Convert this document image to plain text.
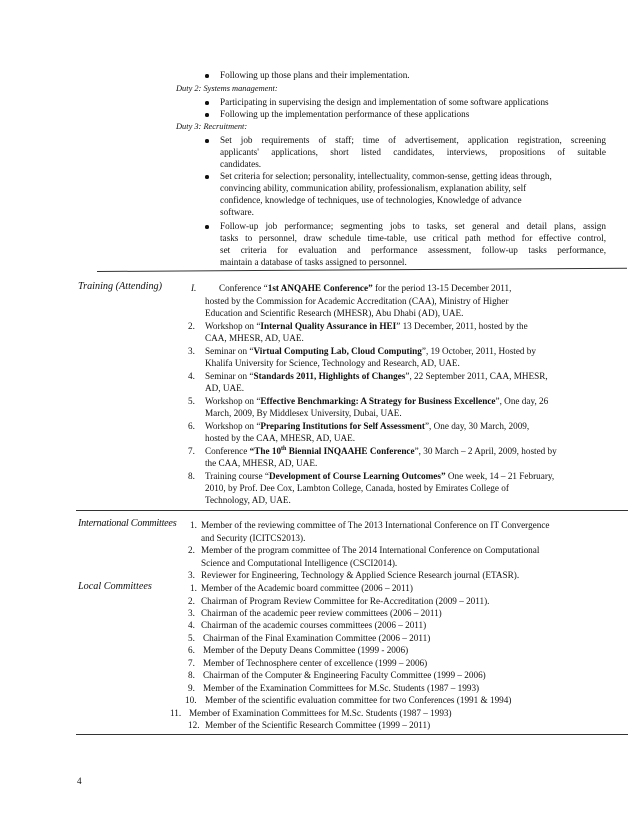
Following up those plans and their implementation.
Duty 2: Systems management:
Participating in supervising the design and implementation of some software applications
Following up the implementation performance of these applications
Duty 3: Recruitment:
Set job requirements of staff; time of advertisement, application registration, screening
applicants' applications, short listed candidates, interviews, propositions of suitable
candidates.
Set criteria for selection; personality, intellectuality, common-sense, getting ideas through,
convincing ability, communication ability, professionalism, explanation ability, self
confidence, knowledge of techniques, use of technologies, Knowledge of advance
software.
Follow-up job performance; segmenting jobs to tasks, set general and detail plans, assign
tasks to personnel, draw schedule time-table, use critical path method for effective control,
set criteria for evaluation and performance assessment, follow-up tasks performance,
maintain a database of tasks assigned to personnel.
Training (Attending)	I. Conference “1st ANQAHE Conference” for the period 13-15 December 2011,
hosted by the Commission for Academic Accreditation (CAA), Ministry of Higher
Education and Scientific Research (MHESR), Abu Dhabi (AD), UAE.
2. Workshop on “Internal Quality Assurance in HEI” 13 December, 2011, hosted by the
CAA, MHESR, AD, UAE.
3. Seminar on “Virtual Computing Lab, Cloud Computing”, 19 October, 2011, Hosted by
Khalifa University for Science, Technology and Research, AD, UAE.
4. Seminar on “Standards 2011, Highlights of Changes”, 22 September 2011, CAA, MHESR,
AD, UAE.
5. Workshop on “Effective Benchmarking: A Strategy for Business Excellence”, One day, 26
March, 2009, By Middlesex University, Dubai, UAE.
6. Workshop on “Preparing Institutions for Self Assessment”, One day, 30 March, 2009,
hosted by the CAA, MHESR, AD, UAE.
7. Conference “The 10th Biennial INQAAHE Conference”, 30 March – 2 April, 2009, hosted by
the CAA, MHESR, AD, UAE.
8. Training course “Development of Course Learning Outcomes” One week, 14 – 21 February,
2010, by Prof. Dee Cox, Lambton College, Canada, hosted by Emirates College of
Technology, AD, UAE.
International Committees 1. Member of the reviewing committee of The 2013 International Conference on IT Convergence
and Security (ICITCS2013).
2. Member of the program committee of The 2014 International Conference on Computational
Science and Computational Intelligence (CSCI2014).
3. Reviewer for Engineering, Technology & Applied Science Research journal (ETASR).
Local Committees	1. Member of the Academic board committee (2006 – 2011)
2. Chairman of Program Review Committee for Re-Accreditation (2009 – 2011).
3. Chairman of the academic peer review committees (2006 – 2011)
4. Chairman of the academic courses committees (2006 – 2011)
5. Chairman of the Final Examination Committee (2006 – 2011)
6. Member of the Deputy Deans Committee (1999 - 2006)
7. Member of Technosphere center of excellence (1999 – 2006)
8. Chairman of the Computer & Engineering Faculty Committee (1999 – 2006)
9. Member of the Examination Committees for M.Sc. Students (1987 – 1993)
10. Member of the scientific evaluation committee for two Conferences (1991 & 1994)
11. Member of Examination Committees for M.Sc. Students (1987 – 1993)
12. Member of the Scientific Research Committee (1999 – 2011)
4
